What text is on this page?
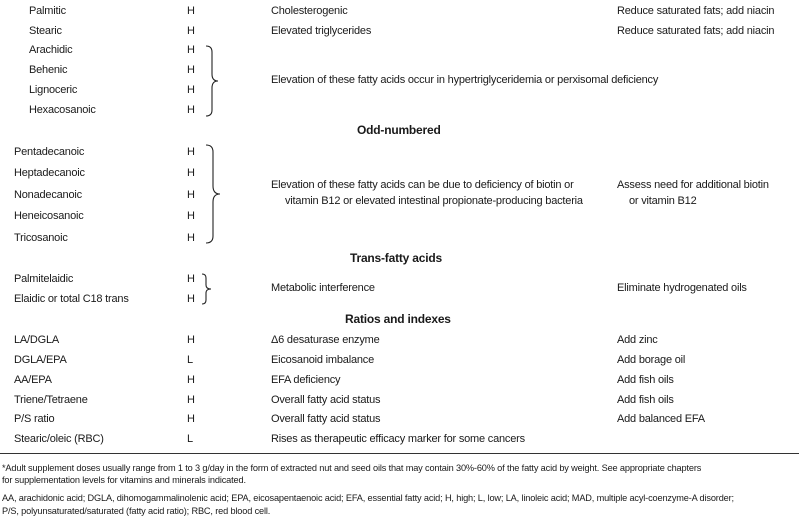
Palmitic	H	Cholesterogenic	Reduce saturated fats; add niacin
Stearic	H	Elevated triglycerides	Reduce saturated fats; add niacin
Arachidic	H
Behenic	H
Lignoceric	H
Hexacosanoic	H
Elevation of these fatty acids occur in hypertriglyceridemia or perxisomal deficiency
Odd-numbered
Pentadecanoic	H
Heptadecanoic	H
Nonadecanoic	H
Heneicosanoic	H
Tricosanoic	H
Elevation of these fatty acids can be due to deficiency of biotin or
vitamin B12 or elevated intestinal propionate-producing bacteria
Assess need for additional biotin
or vitamin B12
Trans-fatty acids
Palmitelaidic	H
Elaidic or total C18 trans	H
Metabolic interference	Eliminate hydrogenated oils
Ratios and indexes
LA/DGLA	H	Δ6 desaturase enzyme	Add zinc
DGLA/EPA	L	Eicosanoid imbalance	Add borage oil
AA/EPA	H	EFA deficiency	Add fish oils
Triene/Tetraene	H	Overall fatty acid status	Add fish oils
P/S ratio	H	Overall fatty acid status	Add balanced EFA
Stearic/oleic (RBC)	L	Rises as therapeutic efficacy marker for some cancers
*Adult supplement doses usually range from 1 to 3 g/day in the form of extracted nut and seed oils that may contain 30%-60% of the fatty acid by weight. See appropriate chapters
for supplementation levels for vitamins and minerals indicated.
AA, arachidonic acid; DGLA, dihomogammalinolenic acid; EPA, eicosapentaenoic acid; EFA, essential fatty acid; H, high; L, low; LA, linoleic acid; MAD, multiple acyl-coenzyme-A disorder;
P/S, polyunsaturated/saturated (fatty acid ratio); RBC, red blood cell.
